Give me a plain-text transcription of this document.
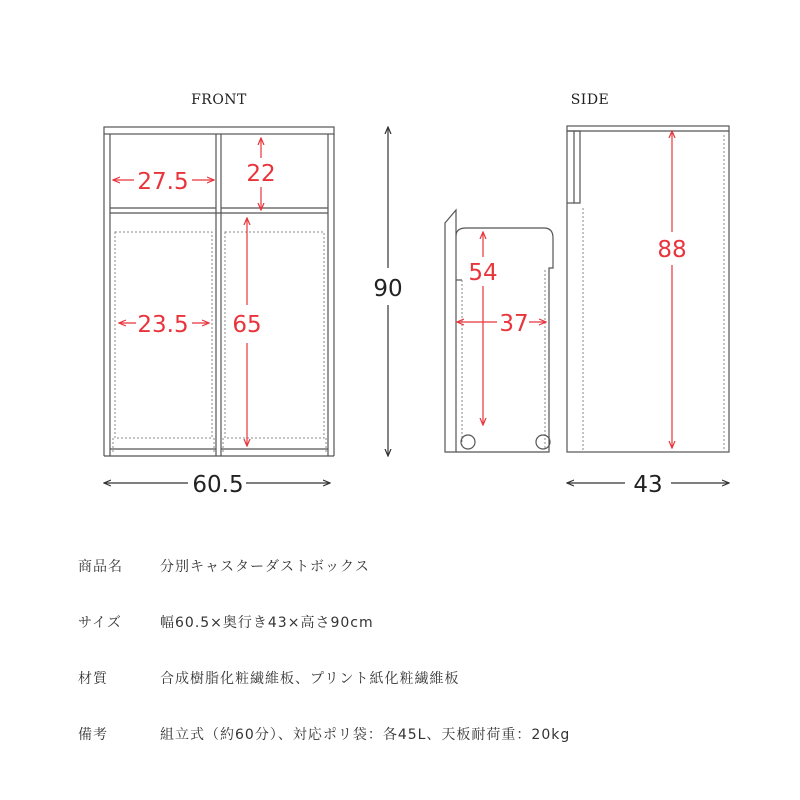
FRONT	SIDE
27.5	22
23.5 65
90
60.5
54
37
88
43
商品名	分別キャスターダストボックス
サイズ	幅60.5×奥行き43×高さ90cm
材質	合成樹脂化粧繊維板、プリント紙化粧繊維板
備考	組立式（約60分）、対応ポリ袋：各45L、天板耐荷重：20kg
